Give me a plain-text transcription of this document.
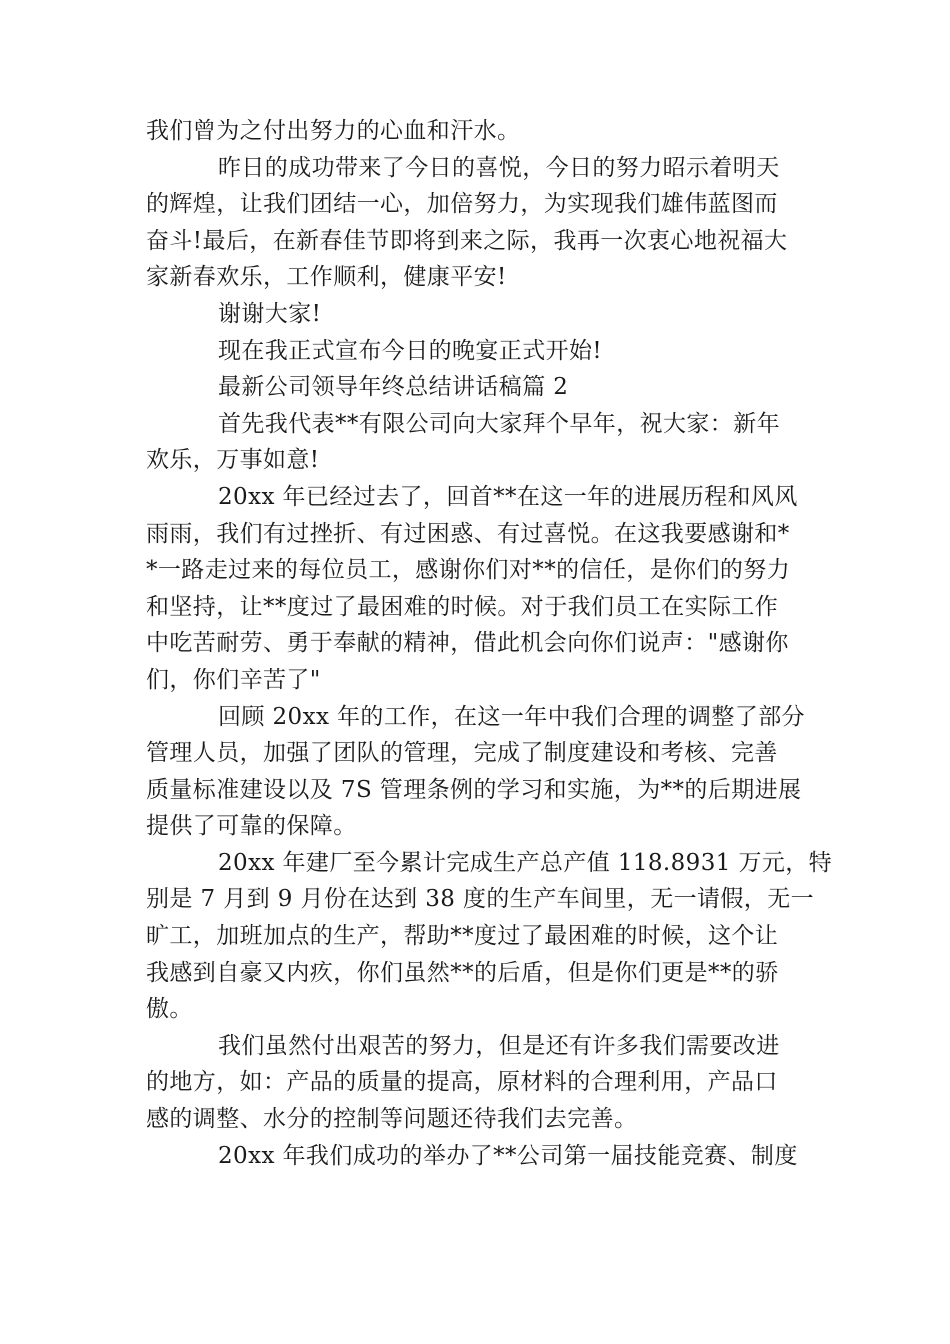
我们曾为之付出努力的心血和汗水。
昨日的成功带来了今日的喜悦，今日的努力昭示着明天
的辉煌，让我们团结一心，加倍努力，为实现我们雄伟蓝图而
奋斗!最后，在新春佳节即将到来之际，我再一次衷心地祝福大
家新春欢乐，工作顺利，健康平安!
谢谢大家!
现在我正式宣布今日的晚宴正式开始!
最新公司领导年终总结讲话稿篇 2
首先我代表**有限公司向大家拜个早年，祝大家：新年
欢乐，万事如意!
20xx 年已经过去了，回首**在这一年的进展历程和风风
雨雨，我们有过挫折、有过困惑、有过喜悦。在这我要感谢和*
*一路走过来的每位员工，感谢你们对**的信任，是你们的努力
和坚持，让**度过了最困难的时候。对于我们员工在实际工作
中吃苦耐劳、勇于奉献的精神，借此机会向你们说声："感谢你
们，你们辛苦了"
回顾 20xx 年的工作，在这一年中我们合理的调整了部分
管理人员，加强了团队的管理，完成了制度建设和考核、完善
质量标准建设以及 7S 管理条例的学习和实施，为**的后期进展
提供了可靠的保障。
20xx 年建厂至今累计完成生产总产值 118.8931 万元，特
别是 7 月到 9 月份在达到 38 度的生产车间里，无一请假，无一
旷工，加班加点的生产，帮助**度过了最困难的时候，这个让
我感到自豪又内疚，你们虽然**的后盾，但是你们更是**的骄
傲。
我们虽然付出艰苦的努力，但是还有许多我们需要改进
的地方，如：产品的质量的提高，原材料的合理利用，产品口
感的调整、水分的控制等问题还待我们去完善。
20xx 年我们成功的举办了**公司第一届技能竞赛、制度
